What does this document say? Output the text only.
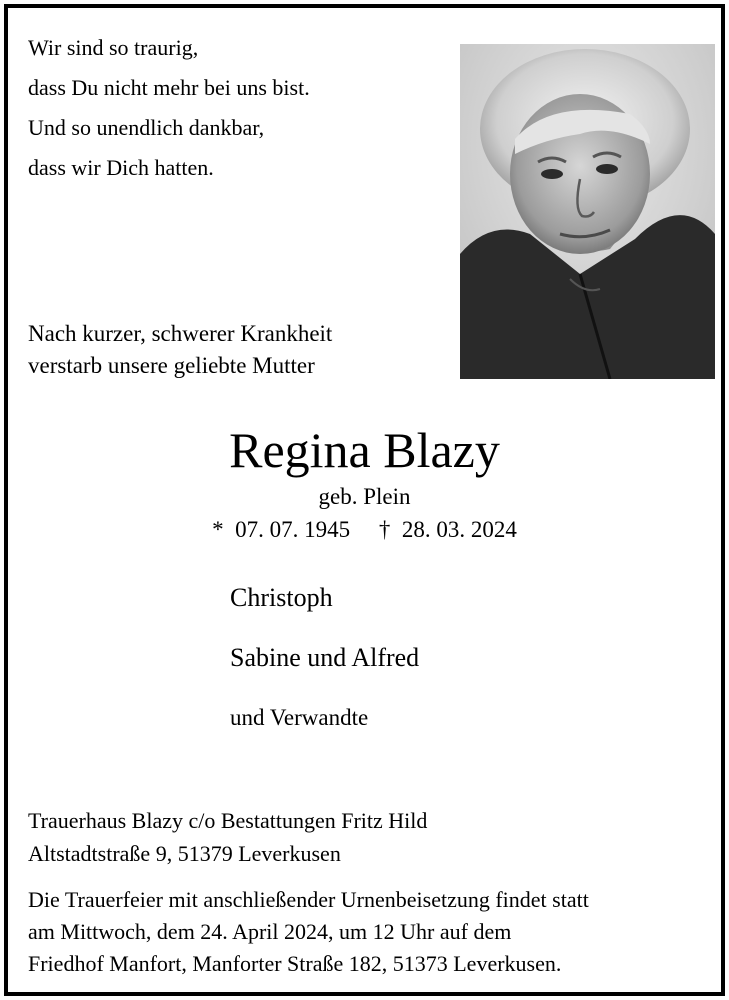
Wir sind so traurig,
dass Du nicht mehr bei uns bist.
Und so unendlich dankbar,
dass wir Dich hatten.
Nach kurzer, schwerer Krankheit
verstarb unsere geliebte Mutter
Regina Blazy
geb. Plein
*  07. 07. 1945     †  28. 03. 2024
Christoph
Sabine und Alfred
und Verwandte
Trauerhaus Blazy c/o Bestattungen Fritz Hild
Altstadtstraße 9, 51379 Leverkusen
Die Trauerfeier mit anschließender Urnenbeisetzung findet statt
am Mittwoch, dem 24. April 2024, um 12 Uhr auf dem
Friedhof Manfort, Manforter Straße 182, 51373 Leverkusen.
